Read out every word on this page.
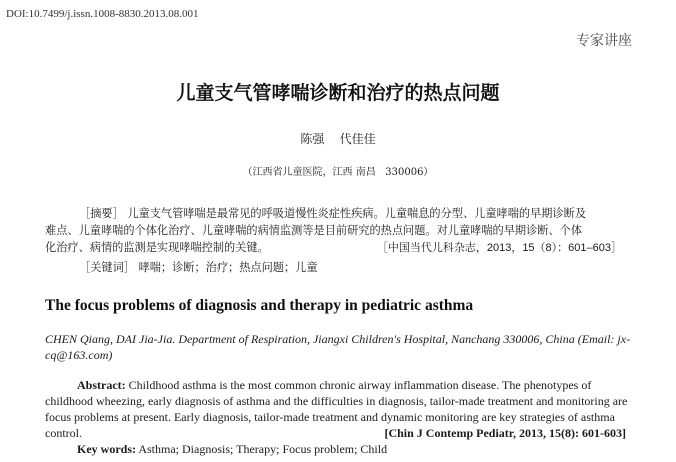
DOI:10.7499/j.issn.1008-8830.2013.08.001
专家讲座
儿童支气管哮喘诊断和治疗的热点问题
陈强    代佳佳
（江西省儿童医院，江西 南昌   330006）
［摘要］ 儿童支气管哮喘是最常见的呼吸道慢性炎症性疾病。儿童喘息的分型、儿童哮喘的早期诊断及
难点、儿童哮喘的个体化治疗、儿童哮喘的病情监测等是目前研究的热点问题。对儿童哮喘的早期诊断、个体
化治疗、病情的监测是实现哮喘控制的关键。	［中国当代儿科杂志，2013，15（8）：601–603］
［关键词］ 哮喘；诊断；治疗；热点问题；儿童
The focus problems of diagnosis and therapy in pediatric asthma
CHEN Qiang, DAI Jia-Jia. Department of Respiration, Jiangxi Children's Hospital, Nanchang 330006, China (Email: jx-cq@163.com)
Abstract: Childhood asthma is the most common chronic airway inflammation disease. The phenotypes of
childhood wheezing, early diagnosis of asthma and the difficulties in diagnosis, tailor-made treatment and monitoring are
focus problems at present. Early diagnosis, tailor-made treatment and dynamic monitoring are key strategies of asthma
control.	[Chin J Contemp Pediatr, 2013, 15(8): 601-603]
Key words: Asthma; Diagnosis; Therapy; Focus problem; Child
